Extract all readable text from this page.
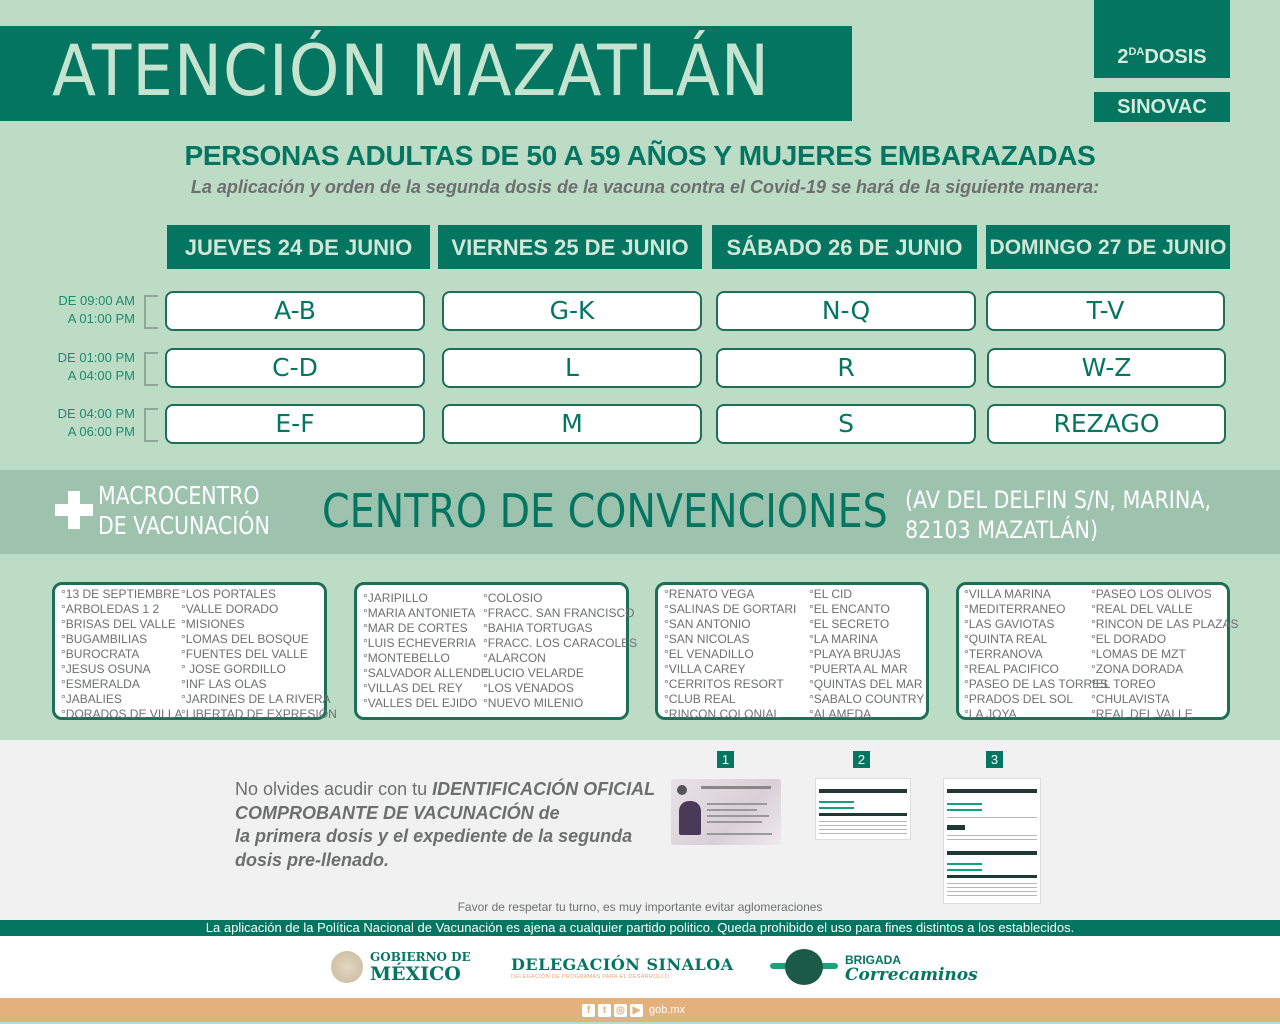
ATENCIÓN MAZATLÁN	$2^{DA}DOSIS$
SINOVAC
PERSONAS ADULTAS DE 50 A 59 AÑOS Y MUJERES EMBARAZADAS
La aplicación y orden de la segunda dosis de la vacuna contra el Covid-19 se hará de la siguiente manera:
JUEVES 24 DE JUNIO	VIERNES 25 DE JUNIO	SÁBADO 26 DE JUNIO	DOMINGO 27 DE JUNIO
DE 09:00 AM
A 01:00 PM	A-B	G-K	N-Q	T-V
DE 01:00 PM
A 04:00 PM	C-D	L	R	W-Z
DE 04:00 PM
A 06:00 PM	E-F	M	S	REZAGO
MACROCENTRO
DE VACUNACIÓN CENTRO DE CONVENCIONES (AV DEL DELFIN S/N, MARINA,
82103 MAZATLÁN)
°13 DE SEPTIEMBRE
°ARBOLEDAS 1 2
°BRISAS DEL VALLE
°BUGAMBILIAS
°BUROCRATA
°JESUS OSUNA
°ESMERALDA
°JABALIES
°DORADOS DE VILLA
°LOS PORTALES
°VALLE DORADO
°MISIONES
°LOMAS DEL BOSQUE
°FUENTES DEL VALLE
° JOSE GORDILLO
°INF LAS OLAS
°JARDINES DE LA RIVERA
°LIBERTAD DE EXPRESIÓN
°JARIPILLO
°MARIA ANTONIETA
°MAR DE CORTES
°LUIS ECHEVERRIA
°MONTEBELLO
°SALVADOR ALLENDE
°VILLAS DEL REY
°VALLES DEL EJIDO
°COLOSIO
°FRACC. SAN FRANCISCO
°BAHIA TORTUGAS
°FRACC. LOS CARACOLES
°ALARCON
°LUCIO VELARDE
°LOS VENADOS
°NUEVO MILENIO
°RENATO VEGA
°SALINAS DE GORTARI
°SAN ANTONIO
°SAN NICOLAS
°EL VENADILLO
°VILLA CAREY
°CERRITOS RESORT
°CLUB REAL
°RINCON COLONIAL
°EL CID
°EL ENCANTO
°EL SECRETO
°LA MARINA
°PLAYA BRUJAS
°PUERTA AL MAR
°QUINTAS DEL MAR
°SABALO COUNTRY
°ALAMEDA
°VILLA MARINA
°MEDITERRANEO
°LAS GAVIOTAS
°QUINTA REAL
°TERRANOVA
°REAL PACIFICO
°PASEO DE LAS TORRES
°PRADOS DEL SOL
°LA JOYA
°PASEO LOS OLIVOS
°REAL DEL VALLE
°RINCON DE LAS PLAZAS
°EL DORADO
°LOMAS DE MZT
°ZONA DORADA
°EL TOREO
°CHULAVISTA
°REAL DEL VALLE
No olvides acudir con tu IDENTIFICACIÓN OFICIAL
COMPROBANTE DE VACUNACIÓN de
la primera dosis y el expediente de la segunda
dosis pre-llenado.
1	2	3
Favor de respetar tu turno, es muy importante evitar aglomeraciones
La aplicación de la Política Nacional de Vacunación es ajena a cualquier partido politico. Queda prohibido el uso para fines distintos a los establecidos.
GOBIERNO DE
MÉXICO	DELEGACIÓN SINALOA
DELEGACIÓN DE PROGRAMAS PARA EL DESARROLLO
BRIGADA
Correcaminos
f	t ◎ ▶ gob.mx
